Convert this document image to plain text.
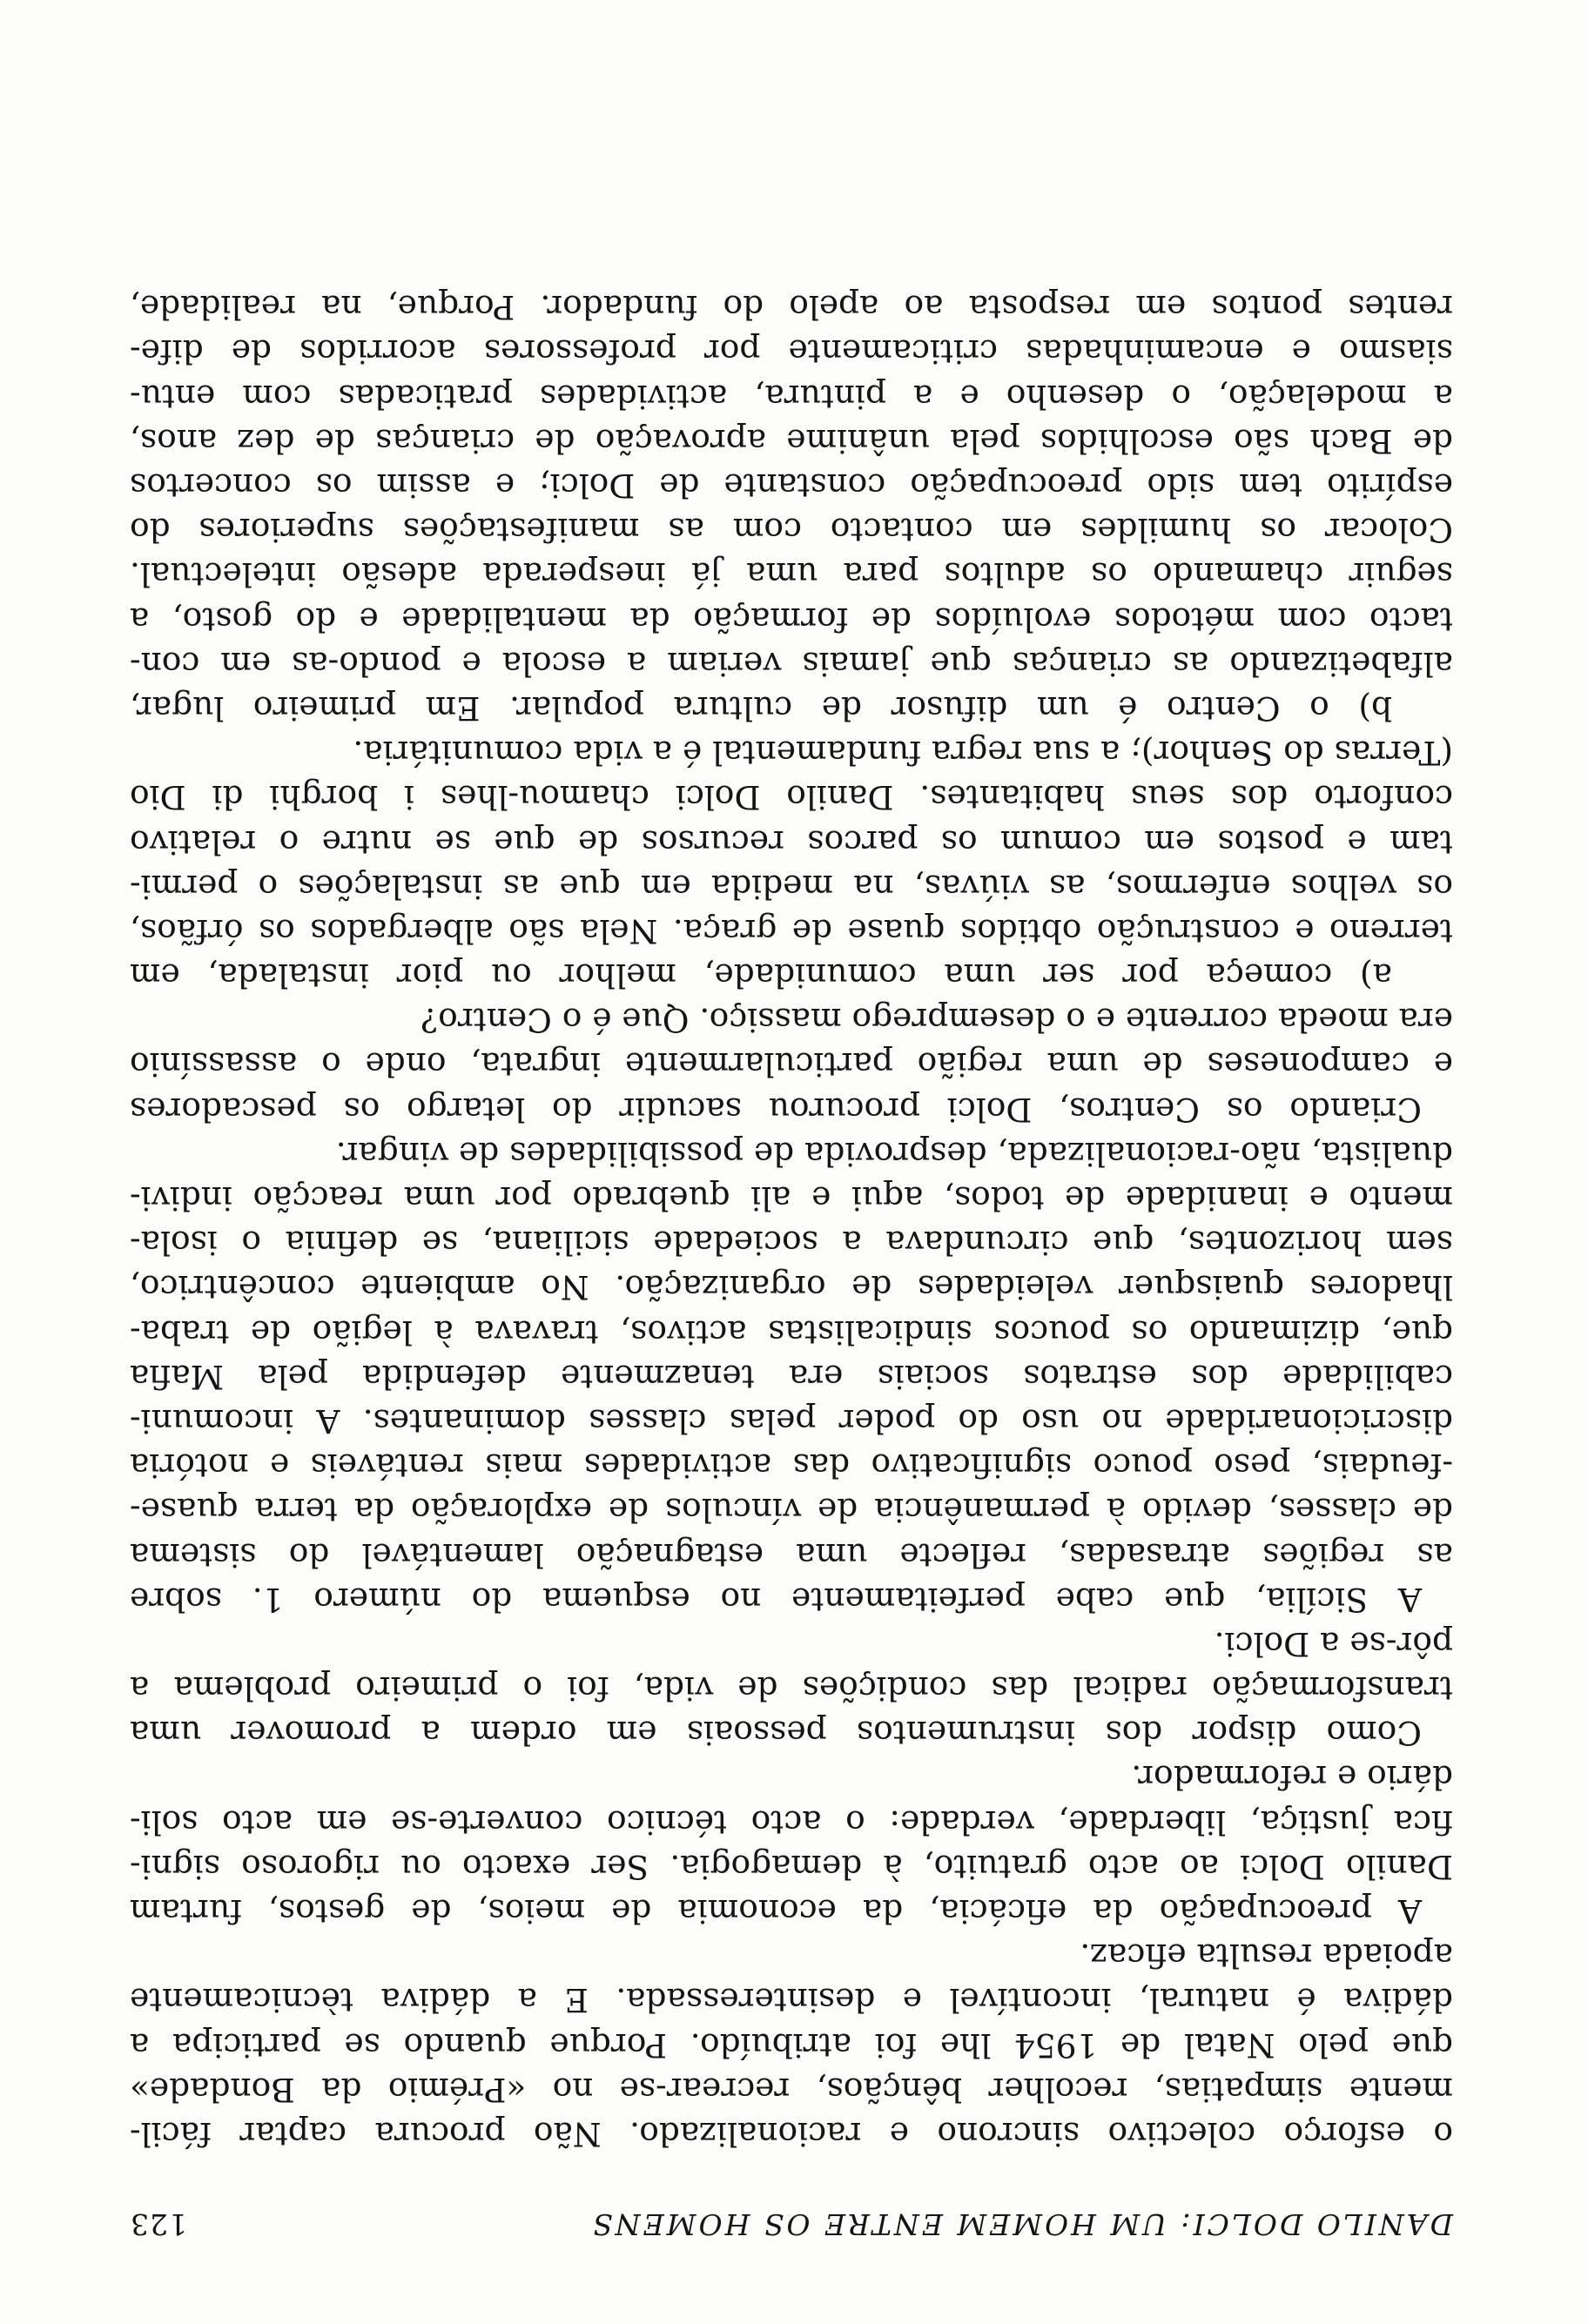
DANILO DOLCI: UM HOMEM ENTRE OS HOMENS
123
o esforço colectivo sincrono e racionalizado. Não procura captar fácil-
mente simpatias, recolher bênçãos, recrear-se no «Prémio da Bondade»
que pelo Natal de 1954 lhe foi atribuído. Porque quando se participa a
dádiva é natural, incontível e desinteressada. E a dádiva tècnicamente
apoiada resulta eficaz.
A preocupação da eficácia, da economia de meios, de gestos, furtam
Danilo Dolci ao acto gratuito, à demagogia. Ser exacto ou rigoroso signi-
fica justiça, liberdade, verdade: o acto técnico converte-se em acto soli-
dário e reformador.
Como dispor dos instrumentos pessoais em ordem a promover uma
transformação radical das condições de vida, foi o primeiro problema a
pôr-se a Dolci.
A Sicília, que cabe perfeitamente no esquema do número 1. sobre
as regiões atrasadas, reflecte uma estagnação lamentável do sistema
de classes, devido à permanência de vínculos de exploração da terra quase-
-feudais, peso pouco significativo das actividades mais rentáveis e notória
discricionaridade no uso do poder pelas classes dominantes. A incomuni-
cabilidade dos estratos sociais era tenazmente defendida pela Mafia
que, dizimando os poucos sindicalistas activos, travava à legião de traba-
lhadores quaisquer veleidades de organização. No ambiente concêntrico,
sem horizontes, que circundava a sociedade siciliana, se definia o isola-
mento e inanidade de todos, aqui e ali quebrado por uma reacção indivi-
dualista, não-racionalizada, desprovida de possibilidades de vingar.
Criando os Centros, Dolci procurou sacudir do letargo os pescadores
e camponeses de uma região particularmente ingrata, onde o assassínio
era moeda corrente e o desemprego massiço. Que é o Centro?
a) começa por ser uma comunidade, melhor ou pior instalada, em
terreno e construção obtidos quase de graça. Nela são albergados os órfãos,
os velhos enfermos, as viúvas, na medida em que as instalações o permi-
tam e postos em comum os parcos recursos de que se nutre o relativo
conforto dos seus habitantes. Danilo Dolci chamou-lhes i borghi di Dio
(Terras do Senhor); a sua regra fundamental é a vida comunitária.
b) o Centro é um difusor de cultura popular. Em primeiro lugar,
alfabetizando as crianças que jamais veriam a escola e pondo-as em con-
tacto com métodos evoluídos de formação da mentalidade e do gosto, a
seguir chamando os adultos para uma já inesperada adesão intelectual.
Colocar os humildes em contacto com as manifestações superiores do
espírito tem sido preocupação constante de Dolci; e assim os concertos
de Bach são escolhidos pela unânime aprovação de crianças de dez anos,
a modelação, o desenho e a pintura, actividades praticadas com entu-
siasmo e encaminhadas criticamente por professores acorridos de dife-
rentes pontos em resposta ao apelo do fundador. Porque, na realidade,
